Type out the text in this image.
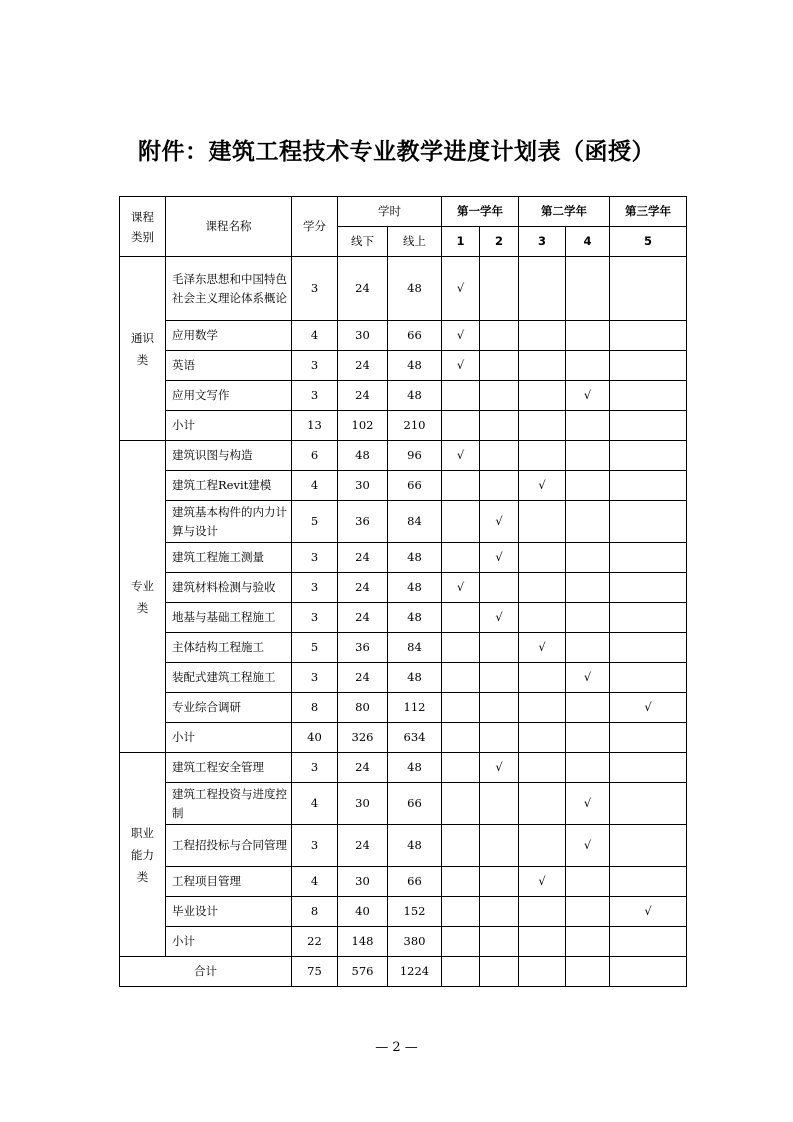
附件：建筑工程技术专业教学进度计划表（函授）
课程类别	课程名称	学分	学时		第一学年		第二学年		第三学年
			线下	线上	1	2	3	4	5
通识类	毛泽东思想和中国特色社会主义理论体系概论	3	24	48	√				
	应用数学	4	30	66	√				
	英语	3	24	48	√				
	应用文写作	3	24	48				√	
	小计	13	102	210					
专业类	建筑识图与构造	6	48	96	√				
	建筑工程Revit建模	4	30	66			√		
	建筑基本构件的内力计算与设计	5	36	84		√			
	建筑工程施工测量	3	24	48		√			
	建筑材料检测与验收	3	24	48	√				
	地基与基础工程施工	3	24	48		√			
	主体结构工程施工	5	36	84			√		
	装配式建筑工程施工	3	24	48				√	
	专业综合调研	8	80	112					√
	小计	40	326	634					
职业能力类	建筑工程安全管理	3	24	48		√			
	建筑工程投资与进度控制	4	30	66				√	
	工程招投标与合同管理	3	24	48				√	
	工程项目管理	4	30	66			√		
	毕业设计	8	40	152					√
	小计	22	148	380					
合计		75	576	1224					
— 2 —
